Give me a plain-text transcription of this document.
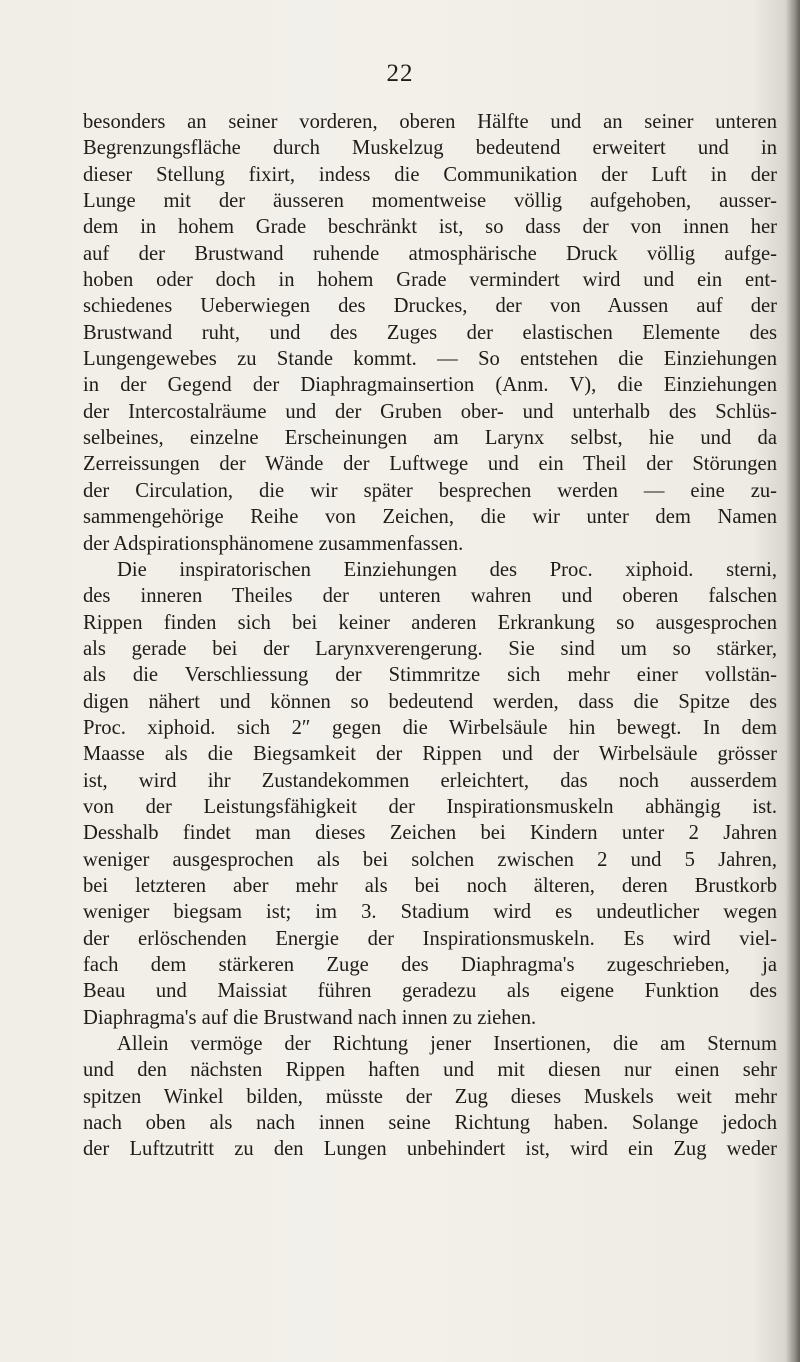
22
besonders an seiner vorderen, oberen Hälfte und an seiner unteren
Begrenzungsfläche durch Muskelzug bedeutend erweitert und in
dieser Stellung fixirt, indess die Communikation der Luft in der
Lunge mit der äusseren momentweise völlig aufgehoben, ausser-
dem in hohem Grade beschränkt ist, so dass der von innen her
auf der Brustwand ruhende atmosphärische Druck völlig aufge-
hoben oder doch in hohem Grade vermindert wird und ein ent-
schiedenes Ueberwiegen des Druckes, der von Aussen auf der
Brustwand ruht, und des Zuges der elastischen Elemente des
Lungengewebes zu Stande kommt. — So entstehen die Einziehungen
in der Gegend der Diaphragmainsertion (Anm. V), die Einziehungen
der Intercostalräume und der Gruben ober- und unterhalb des Schlüs-
selbeines, einzelne Erscheinungen am Larynx selbst, hie und da
Zerreissungen der Wände der Luftwege und ein Theil der Störungen
der Circulation, die wir später besprechen werden — eine zu-
sammengehörige Reihe von Zeichen, die wir unter dem Namen
der Adspirationsphänomene zusammenfassen.
Die inspiratorischen Einziehungen des Proc. xiphoid. sterni,
des inneren Theiles der unteren wahren und oberen falschen
Rippen finden sich bei keiner anderen Erkrankung so ausgesprochen
als gerade bei der Larynxverengerung. Sie sind um so stärker,
als die Verschliessung der Stimmritze sich mehr einer vollstän-
digen nähert und können so bedeutend werden, dass die Spitze des
Proc. xiphoid. sich 2″ gegen die Wirbelsäule hin bewegt. In dem
Maasse als die Biegsamkeit der Rippen und der Wirbelsäule grösser
ist, wird ihr Zustandekommen erleichtert, das noch ausserdem
von der Leistungsfähigkeit der Inspirationsmuskeln abhängig ist.
Desshalb findet man dieses Zeichen bei Kindern unter 2 Jahren
weniger ausgesprochen als bei solchen zwischen 2 und 5 Jahren,
bei letzteren aber mehr als bei noch älteren, deren Brustkorb
weniger biegsam ist; im 3. Stadium wird es undeutlicher wegen
der erlöschenden Energie der Inspirationsmuskeln. Es wird viel-
fach dem stärkeren Zuge des Diaphragma's zugeschrieben, ja
Beau und Maissiat führen geradezu als eigene Funktion des
Diaphragma's auf die Brustwand nach innen zu ziehen.
Allein vermöge der Richtung jener Insertionen, die am Sternum
und den nächsten Rippen haften und mit diesen nur einen sehr
spitzen Winkel bilden, müsste der Zug dieses Muskels weit mehr
nach oben als nach innen seine Richtung haben. Solange jedoch
der Luftzutritt zu den Lungen unbehindert ist, wird ein Zug weder
